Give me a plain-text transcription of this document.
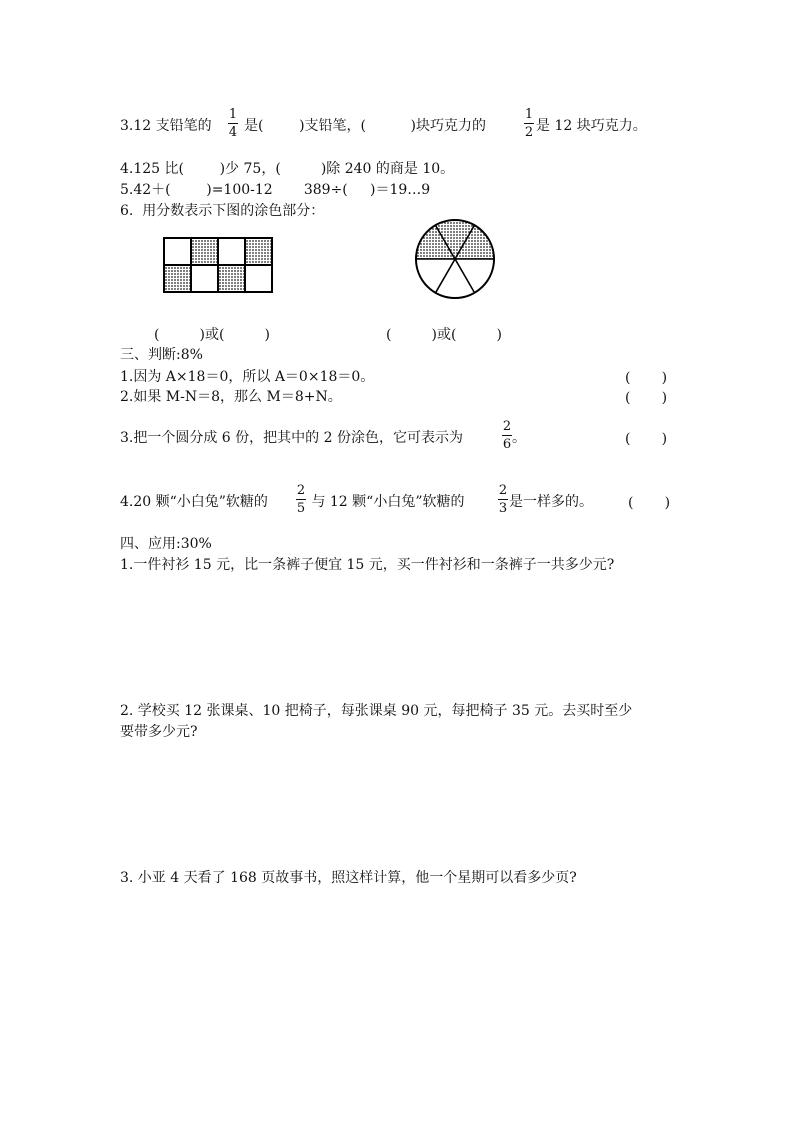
3.12 支铅笔的
1
4 是(        )支铅笔，(          )块巧克力的
1
2 是 12 块巧克力。
4.125 比(        )少 75，(         )除 240 的商是 10。
5.42＋(        )=100-12       389÷(     )＝19…9
6.  用分数表示下图的涂色部分：
(         )或(         )	(         )或(         )
三、判断:8%
1.因为 A×18＝0，所以 A＝0×18＝0。	(       )
2.如果 M-N＝8，那么 M＝8+N。	(       )
3.把一个圆分成 6 份，把其中的 2 份涂色，它可表示为
2
6 。	(       )
4.20 颗“小白兔”软糖的
2
5 与 12 颗“小白兔”软糖的
2
3 是一样多的。	(       )
四、应用:30%
1.一件衬衫 15 元，比一条裤子便宜 15 元，买一件衬衫和一条裤子一共多少元?
2. 学校买 12 张课桌、10 把椅子，每张课桌 90 元，每把椅子 35 元。去买时至少
要带多少元?
3. 小亚 4 天看了 168 页故事书，照这样计算，他一个星期可以看多少页?
